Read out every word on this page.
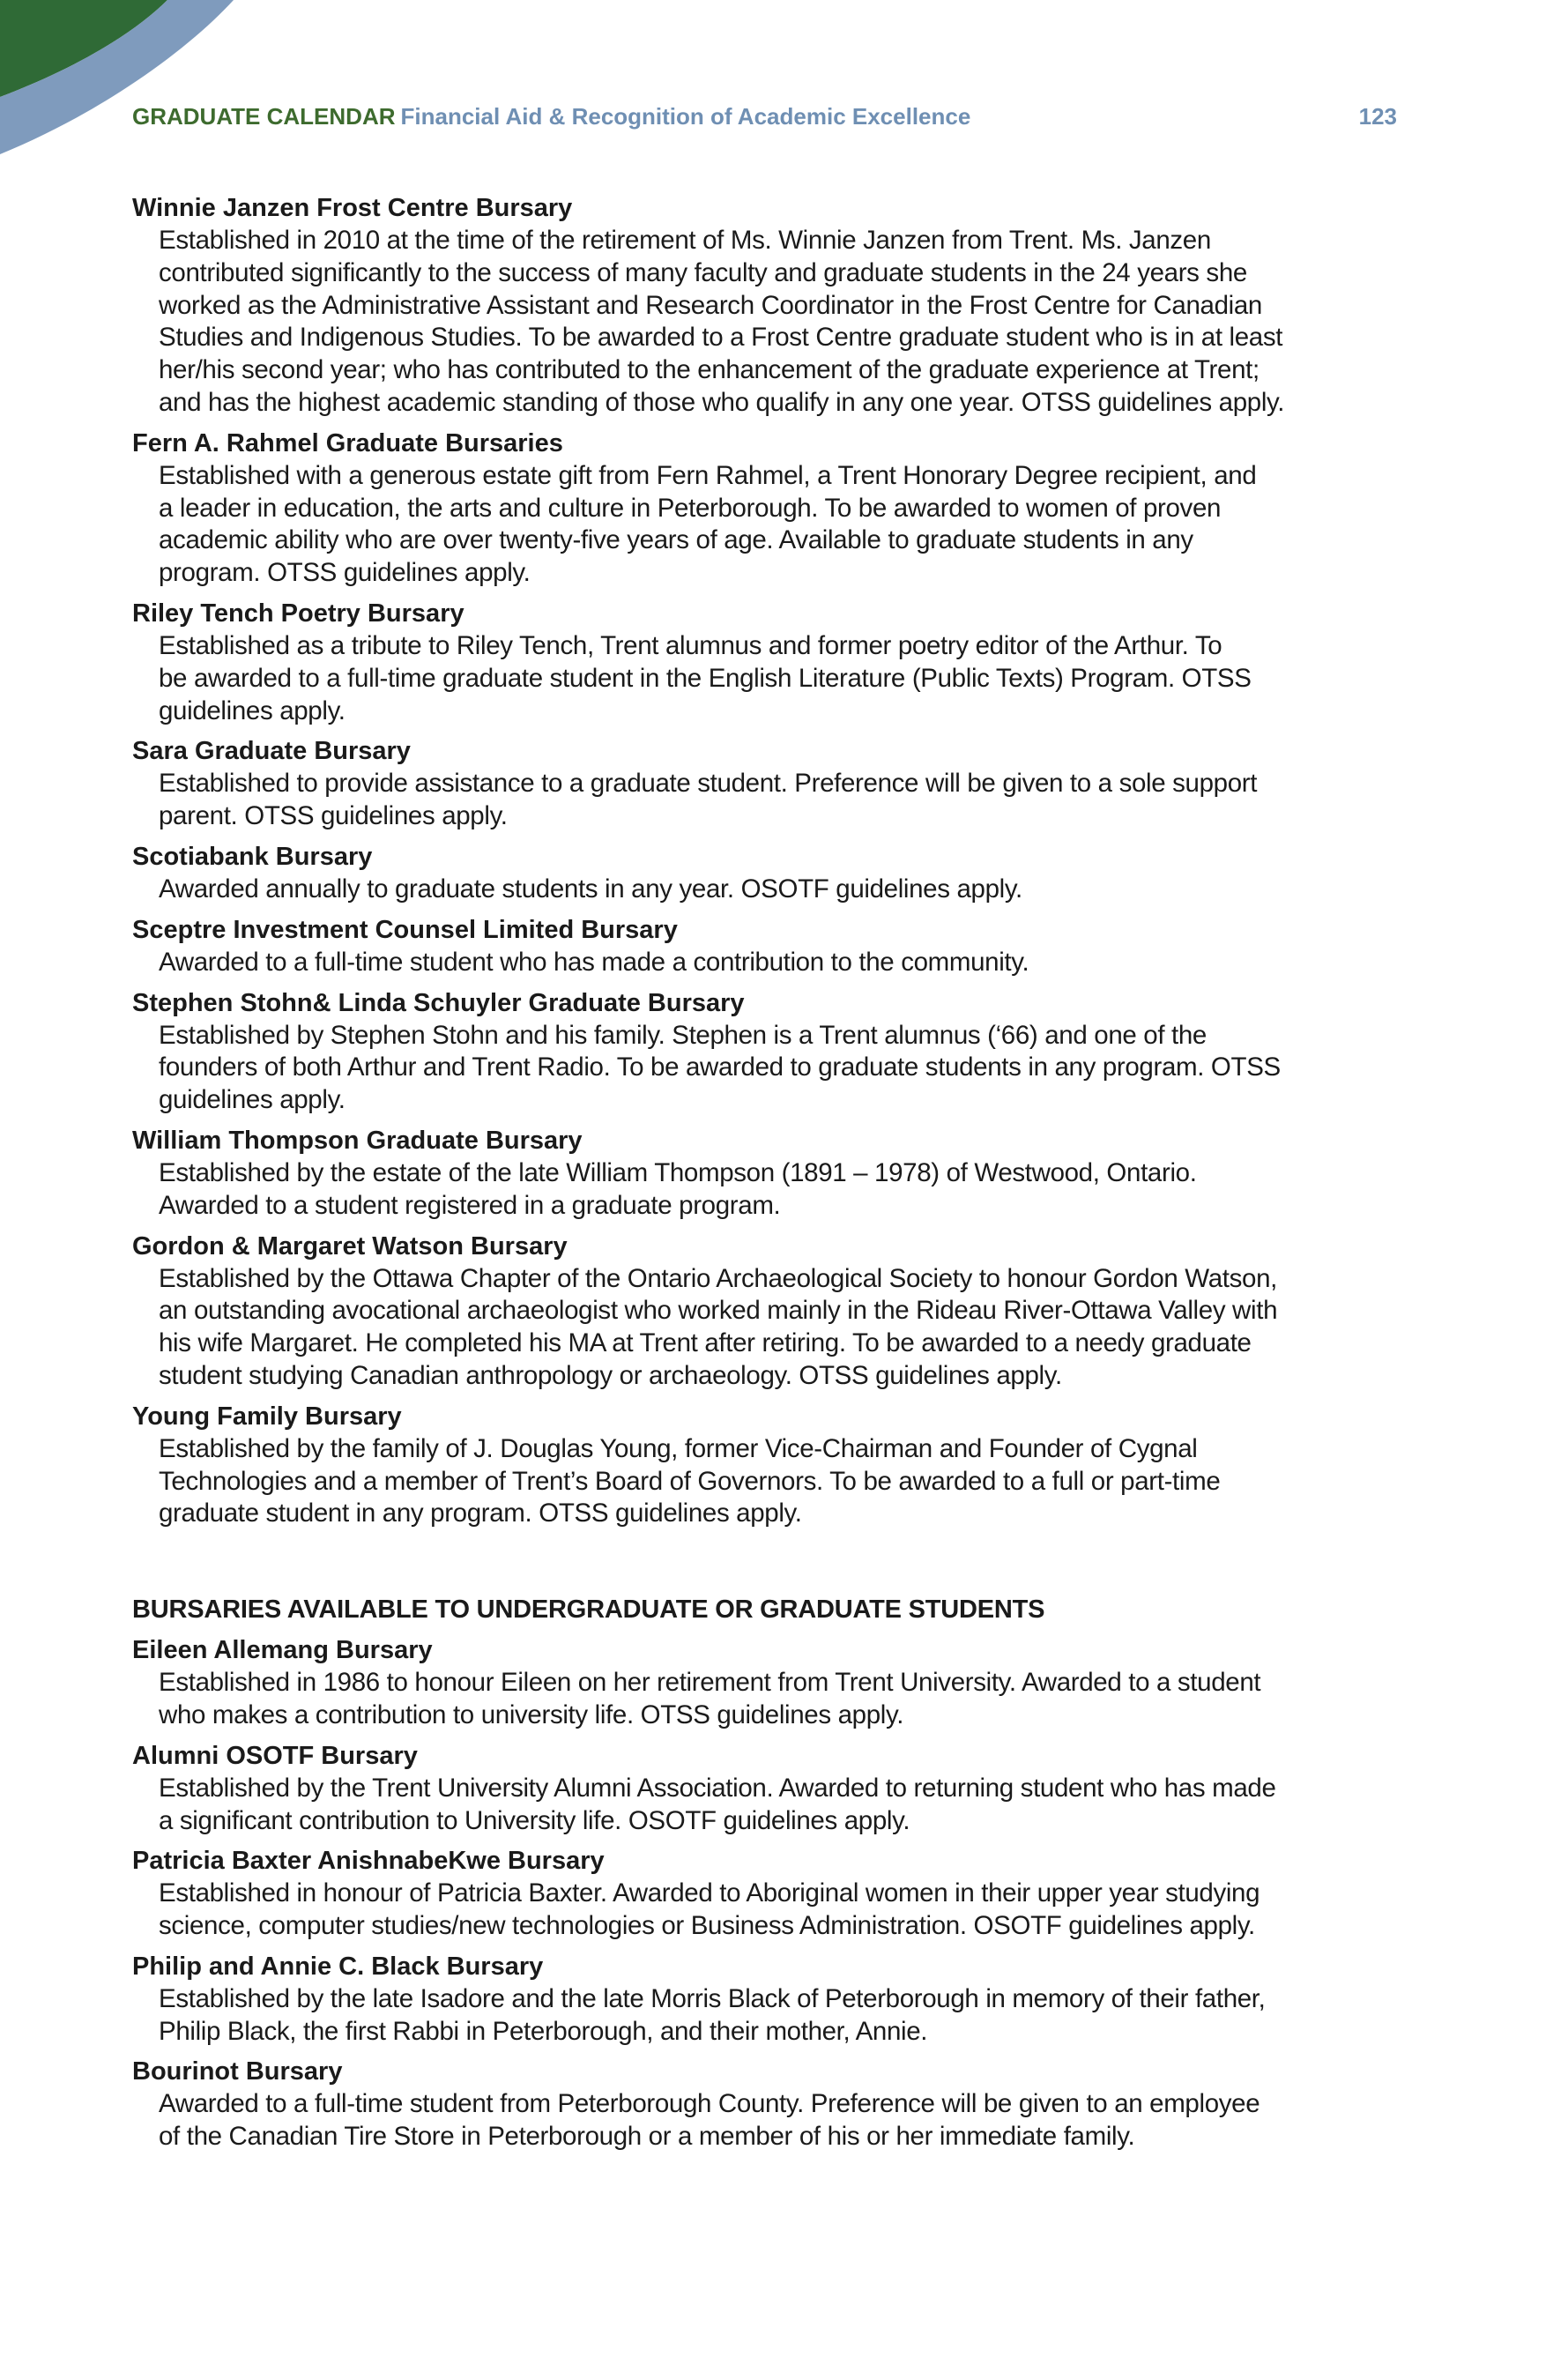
GRADUATE CALENDAR Financial Aid & Recognition of Academic Excellence	123
Winnie Janzen Frost Centre Bursary
Established in 2010 at the time of the retirement of Ms. Winnie Janzen from Trent. Ms. Janzen
contributed significantly to the success of many faculty and graduate students in the 24 years she
worked as the Administrative Assistant and Research Coordinator in the Frost Centre for Canadian
Studies and Indigenous Studies. To be awarded to a Frost Centre graduate student who is in at least
her/his second year; who has contributed to the enhancement of the graduate experience at Trent;
and has the highest academic standing of those who qualify in any one year. OTSS guidelines apply.
Fern A. Rahmel Graduate Bursaries
Established with a generous estate gift from Fern Rahmel, a Trent Honorary Degree recipient, and
a leader in education, the arts and culture in Peterborough. To be awarded to women of proven
academic ability who are over twenty-five years of age. Available to graduate students in any
program. OTSS guidelines apply.
Riley Tench Poetry Bursary
Established as a tribute to Riley Tench, Trent alumnus and former poetry editor of the Arthur. To
be awarded to a full-time graduate student in the English Literature (Public Texts) Program. OTSS
guidelines apply.
Sara Graduate Bursary
Established to provide assistance to a graduate student. Preference will be given to a sole support
parent. OTSS guidelines apply.
Scotiabank Bursary
Awarded annually to graduate students in any year. OSOTF guidelines apply.
Sceptre Investment Counsel Limited Bursary
Awarded to a full-time student who has made a contribution to the community.
Stephen Stohn& Linda Schuyler Graduate Bursary
Established by Stephen Stohn and his family. Stephen is a Trent alumnus (‘66) and one of the
founders of both Arthur and Trent Radio. To be awarded to graduate students in any program. OTSS
guidelines apply.
William Thompson Graduate Bursary
Established by the estate of the late William Thompson (1891 – 1978) of Westwood, Ontario.
Awarded to a student registered in a graduate program.
Gordon & Margaret Watson Bursary
Established by the Ottawa Chapter of the Ontario Archaeological Society to honour Gordon Watson,
an outstanding avocational archaeologist who worked mainly in the Rideau River-Ottawa Valley with
his wife Margaret. He completed his MA at Trent after retiring. To be awarded to a needy graduate
student studying Canadian anthropology or archaeology. OTSS guidelines apply.
Young Family Bursary
Established by the family of J. Douglas Young, former Vice-Chairman and Founder of Cygnal
Technologies and a member of Trent’s Board of Governors. To be awarded to a full or part-time
graduate student in any program. OTSS guidelines apply.
BURSARIES AVAILABLE TO UNDERGRADUATE OR GRADUATE STUDENTS
Eileen Allemang Bursary
Established in 1986 to honour Eileen on her retirement from Trent University. Awarded to a student
who makes a contribution to university life. OTSS guidelines apply.
Alumni OSOTF Bursary
Established by the Trent University Alumni Association. Awarded to returning student who has made
a significant contribution to University life. OSOTF guidelines apply.
Patricia Baxter AnishnabeKwe Bursary
Established in honour of Patricia Baxter. Awarded to Aboriginal women in their upper year studying
science, computer studies/new technologies or Business Administration. OSOTF guidelines apply.
Philip and Annie C. Black Bursary
Established by the late Isadore and the late Morris Black of Peterborough in memory of their father,
Philip Black, the first Rabbi in Peterborough, and their mother, Annie.
Bourinot Bursary
Awarded to a full-time student from Peterborough County. Preference will be given to an employee
of the Canadian Tire Store in Peterborough or a member of his or her immediate family.
